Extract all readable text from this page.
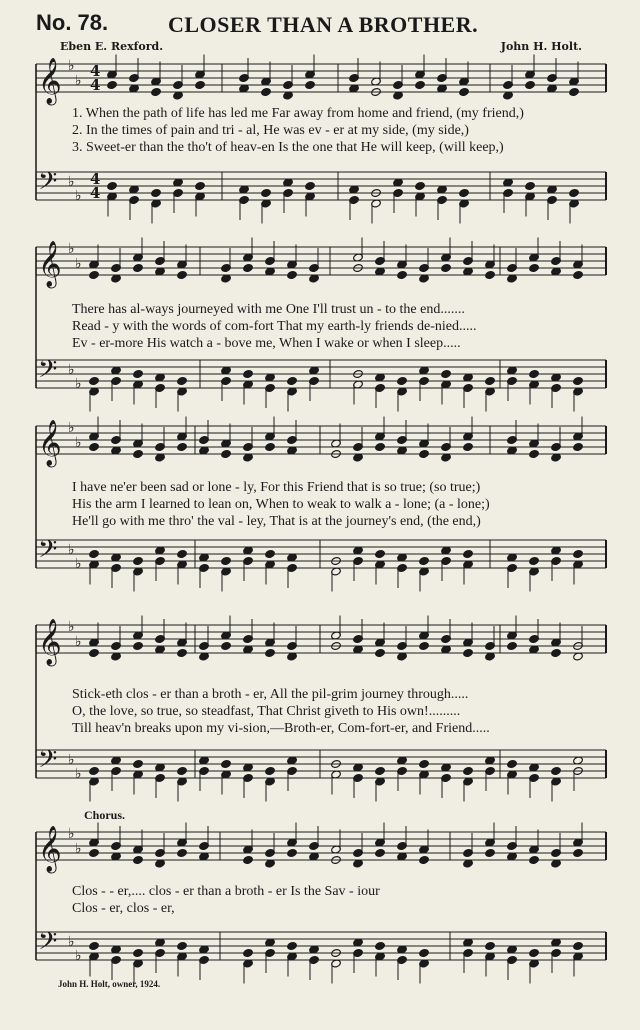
𝄞 ♭
♭
4
4
𝄢 ♭
♭
4
4
𝄞 ♭
♭
𝄢 ♭
♭
𝄞 ♭
♭
𝄢 ♭
♭
𝄞 ♭
♭
𝄢 ♭
♭
𝄞 ♭
♭
𝄢 ♭
♭
No. 78.	CLOSER THAN A BROTHER.
Eben E. Rexford.	John H. Holt.
1. When the path of life has led me Far away from home and friend, (my friend,)
2. In the times of pain and tri - al, He was ev - er at my side, (my side,)
3. Sweet-er than the tho't of heav-en Is the one that He will keep, (will keep,)
There has al-ways journeyed with me One I'll trust un - to the end.......
Read - y with the words of com-fort That my earth-ly friends de-nied.....
Ev - er-more His watch a - bove me, When I wake or when I sleep.....
I have ne'er been sad or lone - ly, For this Friend that is so true; (so true;)
His the arm I learned to lean on, When to weak to walk a - lone; (a - lone;)
He'll go with me thro' the val - ley, That is at the journey's end, (the end,)
Stick-eth clos - er than a broth - er, All the pil-grim journey through.....
O, the love, so true, so steadfast, That Christ giveth to His own!.........
Till heav'n breaks upon my vi-sion,—Broth-er, Com-fort-er, and Friend.....
Chorus.
Clos - - er,.... clos - er than a broth - er Is the Sav - iour
Clos - er, clos - er,
John H. Holt, owner, 1924.
